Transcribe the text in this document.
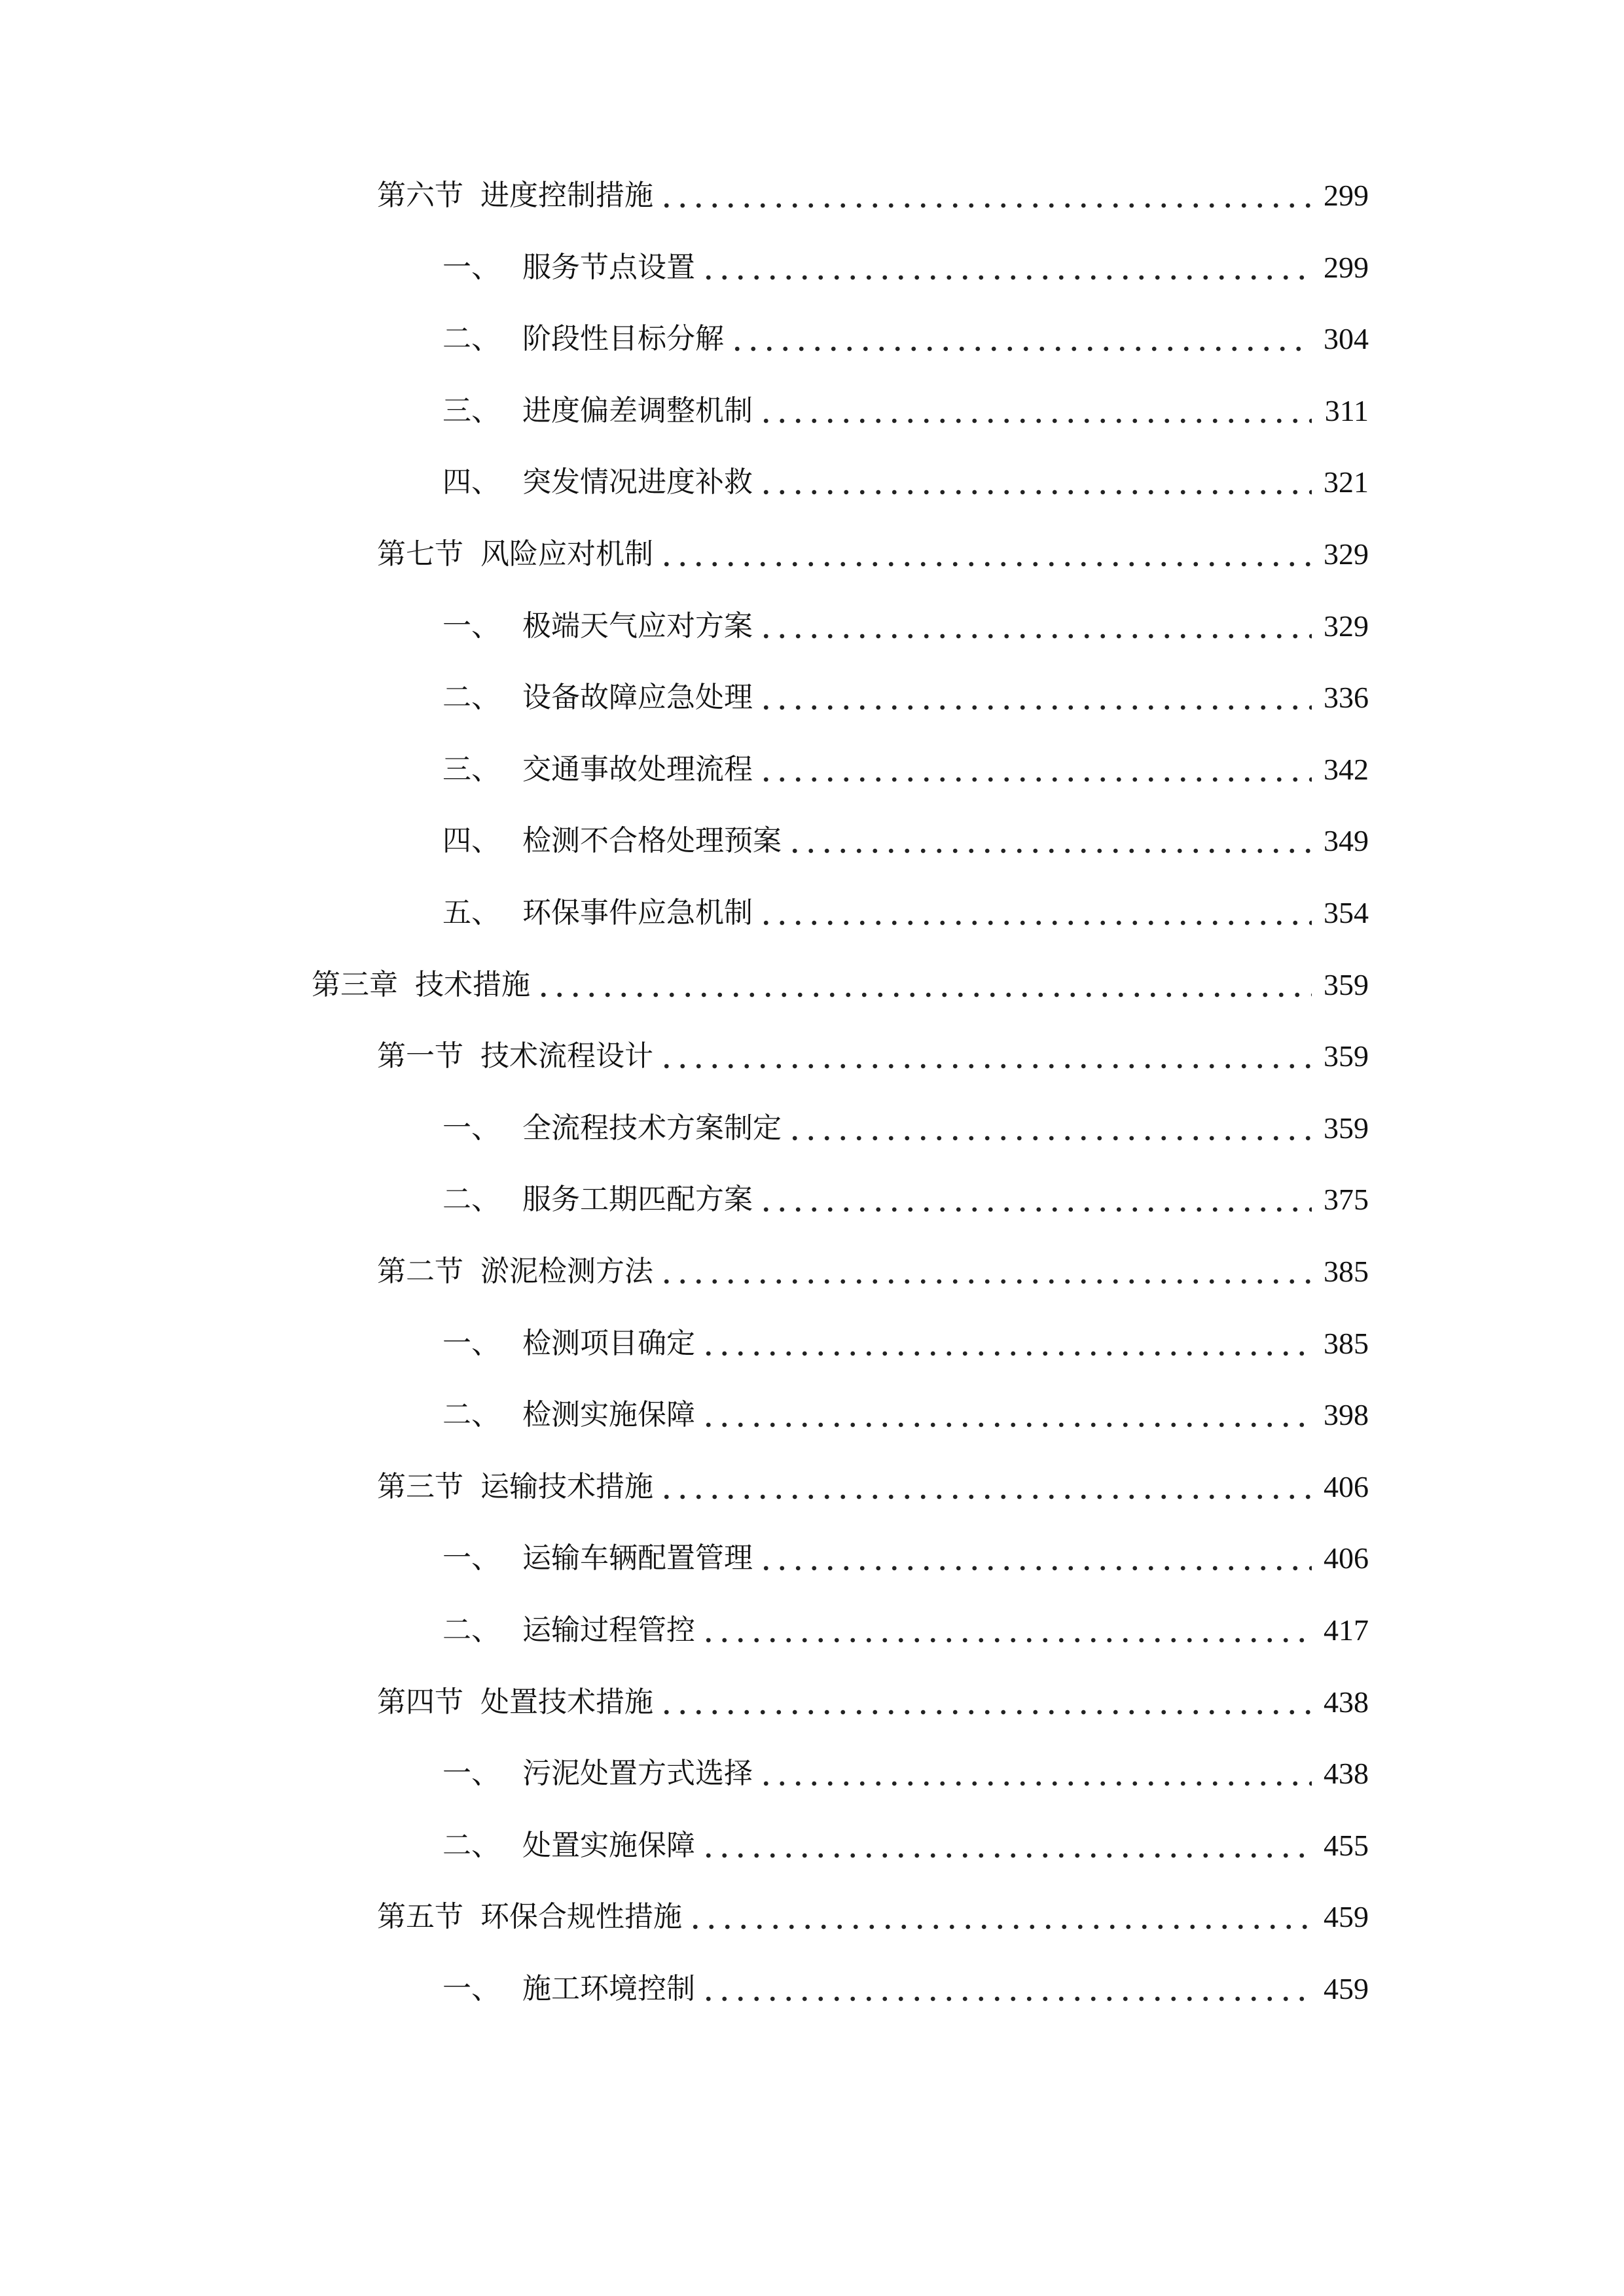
第六节 进度控制措施	299
一、 服务节点设置	299
二、 阶段性目标分解	304
三、 进度偏差调整机制	311
四、 突发情况进度补救	321
第七节 风险应对机制	329
一、 极端天气应对方案	329
二、 设备故障应急处理	336
三、 交通事故处理流程	342
四、 检测不合格处理预案	349
五、 环保事件应急机制	354
第三章 技术措施	359
第一节 技术流程设计	359
一、 全流程技术方案制定	359
二、 服务工期匹配方案	375
第二节 淤泥检测方法	385
一、 检测项目确定	385
二、 检测实施保障	398
第三节 运输技术措施	406
一、 运输车辆配置管理	406
二、 运输过程管控	417
第四节 处置技术措施	438
一、 污泥处置方式选择	438
二、 处置实施保障	455
第五节 环保合规性措施	459
一、 施工环境控制	459
